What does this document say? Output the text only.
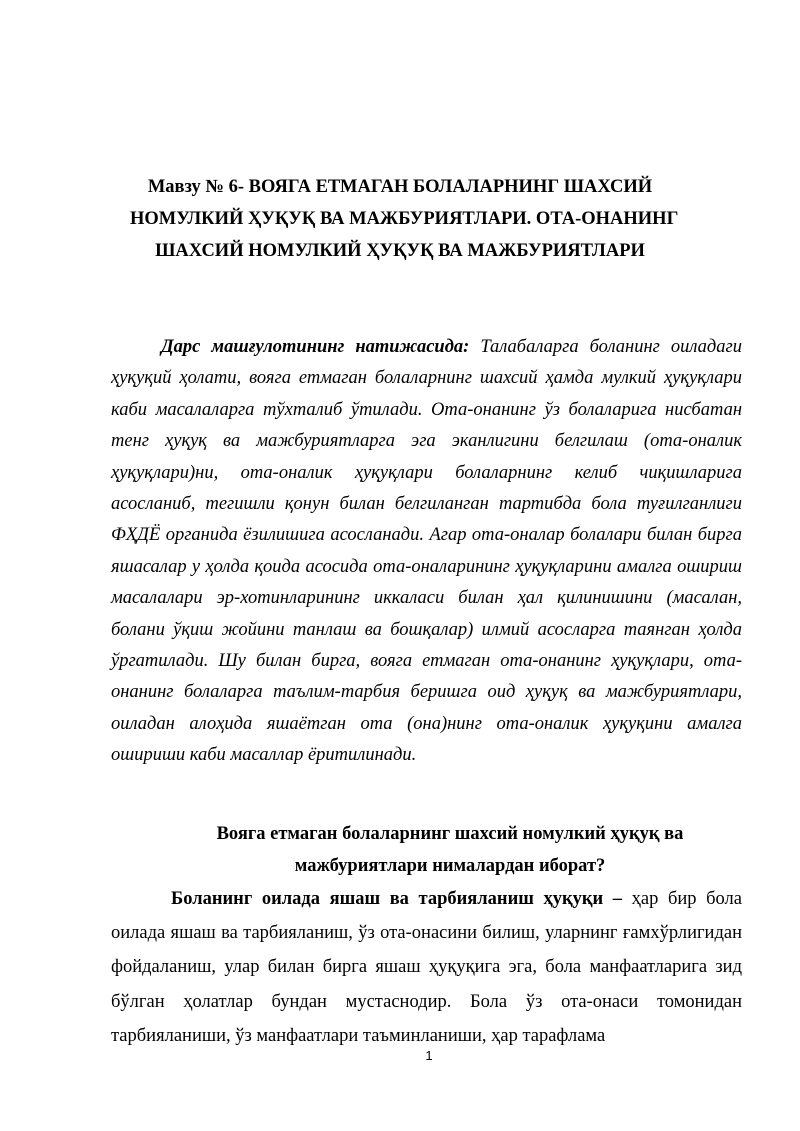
Мавзу № 6- ВОЯГА ЕТМАГАН БОЛАЛАРНИНГ ШАХСИЙ
НОМУЛКИЙ ҲУҚУҚ ВА МАЖБУРИЯТЛАРИ. ОТА-ОНАНИНГ
ШАХСИЙ НОМУЛКИЙ ҲУҚУҚ ВА МАЖБУРИЯТЛАРИ

Дарс машғулотининг натижасида: Талабаларга боланинг оиладаги ҳуқуқий ҳолати, вояга етмаган болаларнинг шахсий ҳамда мулкий ҳуқуқлари каби масалаларга тўхталиб ўтилади. Ота-онанинг ўз болаларига нисбатан тенг ҳуқуқ ва мажбуриятларга эга эканлигини белгилаш (ота-оналик ҳуқуқлари)ни, ота-оналик ҳуқуқлари болаларнинг келиб чиқишларига асосланиб, тегишли қонун билан белгиланган тартибда бола туғилганлиги ФҲДЁ органида ёзилишига асосланади. Агар ота-оналар болалари билан бирга яшасалар у ҳолда қоида асосида ота-оналарининг ҳуқуқларини амалга ошириш масалалари эр-хотинларининг иккаласи билан ҳал қилинишини (масалан, болани ўқиш жойини танлаш ва бошқалар) илмий асосларга таянган ҳолда ўргатилади. Шу билан бирга, вояга етмаган ота-онанинг ҳуқуқлари, ота-онанинг болаларга таълим-тарбия беришга оид ҳуқуқ ва мажбуриятлари, оиладан алоҳида яшаётган ота (она)нинг ота-оналик ҳуқуқини амалга ошириши каби масаллар ёритилинади.

Вояга етмаган болаларнинг шахсий номулкий ҳуқуқ ва
мажбуриятлари нималардан иборат?

Боланинг оилада яшаш ва тарбияланиш ҳуқуқи – ҳар бир бола оилада яшаш ва тарбияланиш, ўз ота-онасини билиш, уларнинг ғамхўрлигидан фойдаланиш, улар билан бирга яшаш ҳуқуқига эга, бола манфаатларига зид бўлган ҳолатлар бундан мустаснодир. Бола ўз ота-онаси томонидан тарбияланиши, ўз манфаатлари таъминланиши, ҳар тарафлама

1
